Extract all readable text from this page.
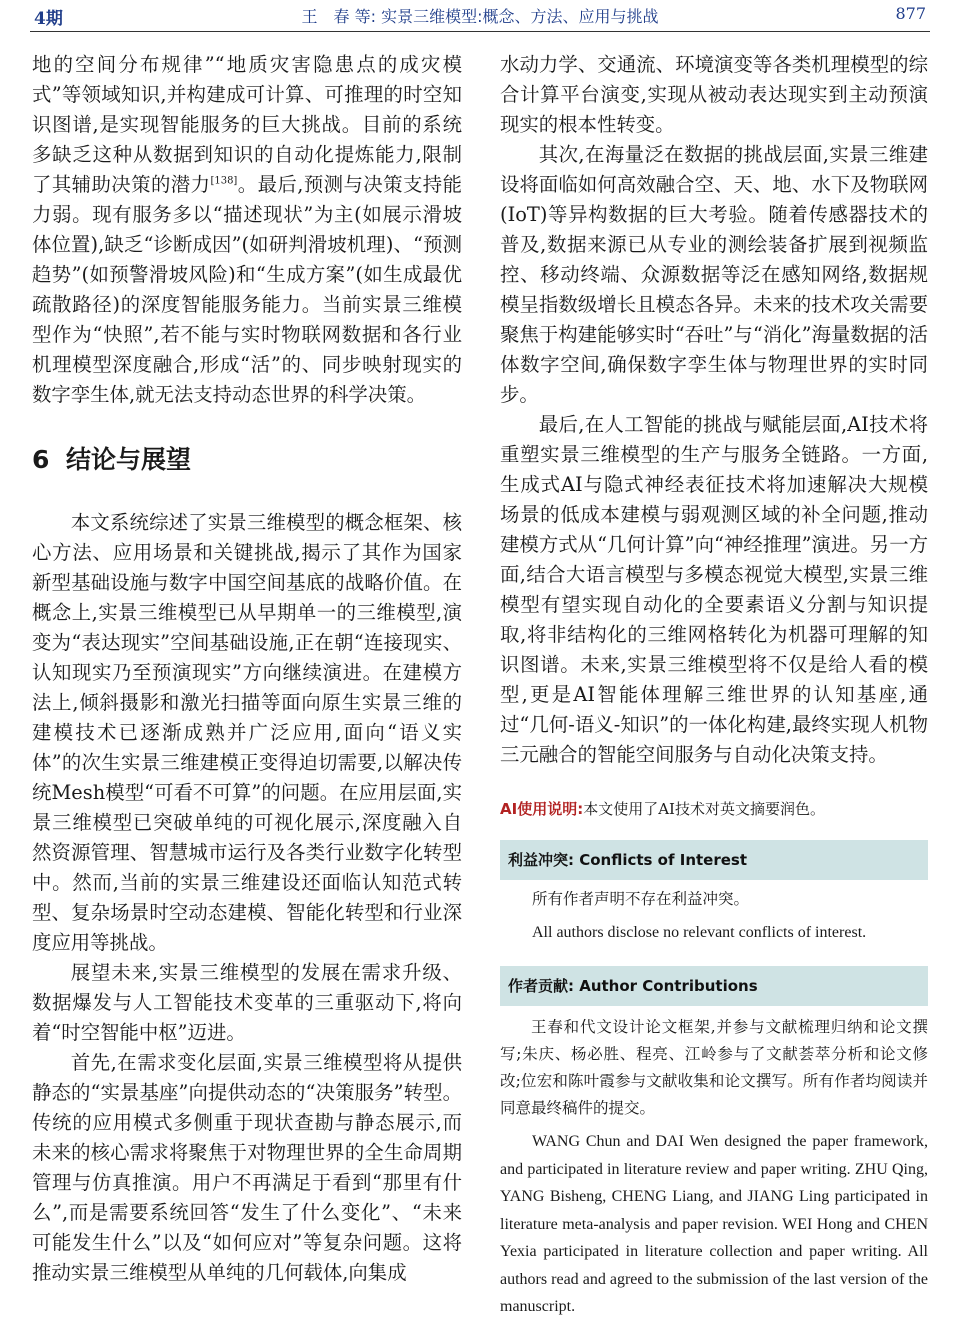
4期	王　春 等: 实景三维模型:概念、方法、应用与挑战	877

地的空间分布规律”“地质灾害隐患点的成灾模式”等领域知识,并构建成可计算、可推理的时空知识图谱,是实现智能服务的巨大挑战。目前的系统多缺乏这种从数据到知识的自动化提炼能力,限制了其辅助决策的潜力[138]。最后,预测与决策支持能力弱。现有服务多以“描述现状”为主(如展示滑坡体位置),缺乏“诊断成因”(如研判滑坡机理)、“预测趋势”(如预警滑坡风险)和“生成方案”(如生成最优疏散路径)的深度智能服务能力。当前实景三维模型作为“快照”,若不能与实时物联网数据和各行业机理模型深度融合,形成“活”的、同步映射现实的数字孪生体,就无法支持动态世界的科学决策。

6 结论与展望

本文系统综述了实景三维模型的概念框架、核心方法、应用场景和关键挑战,揭示了其作为国家新型基础设施与数字中国空间基底的战略价值。在概念上,实景三维模型已从早期单一的三维模型,演变为“表达现实”空间基础设施,正在朝“连接现实、认知现实乃至预演现实”方向继续演进。在建模方法上,倾斜摄影和激光扫描等面向原生实景三维的建模技术已逐渐成熟并广泛应用,面向“语义实体”的次生实景三维建模正变得迫切需要,以解决传统Mesh模型“可看不可算”的问题。在应用层面,实景三维模型已突破单纯的可视化展示,深度融入自然资源管理、智慧城市运行及各类行业数字化转型中。然而,当前的实景三维建设还面临认知范式转型、复杂场景时空动态建模、智能化转型和行业深度应用等挑战。

展望未来,实景三维模型的发展在需求升级、数据爆发与人工智能技术变革的三重驱动下,将向着“时空智能中枢”迈进。

首先,在需求变化层面,实景三维模型将从提供静态的“实景基座”向提供动态的“决策服务”转型。传统的应用模式多侧重于现状查勘与静态展示,而未来的核心需求将聚焦于对物理世界的全生命周期管理与仿真推演。用户不再满足于看到“那里有什么”,而是需要系统回答“发生了什么变化”、“未来可能发生什么”以及“如何应对”等复杂问题。这将推动实景三维模型从单纯的几何载体,向集成

水动力学、交通流、环境演变等各类机理模型的综合计算平台演变,实现从被动表达现实到主动预演现实的根本性转变。

其次,在海量泛在数据的挑战层面,实景三维建设将面临如何高效融合空、天、地、水下及物联网(IoT)等异构数据的巨大考验。随着传感器技术的普及,数据来源已从专业的测绘装备扩展到视频监控、移动终端、众源数据等泛在感知网络,数据规模呈指数级增长且模态各异。未来的技术攻关需要聚焦于构建能够实时“吞吐”与“消化”海量数据的活体数字空间,确保数字孪生体与物理世界的实时同步。

最后,在人工智能的挑战与赋能层面,AI技术将重塑实景三维模型的生产与服务全链路。一方面,生成式AI与隐式神经表征技术将加速解决大规模场景的低成本建模与弱观测区域的补全问题,推动建模方式从“几何计算”向“神经推理”演进。另一方面,结合大语言模型与多模态视觉大模型,实景三维模型有望实现自动化的全要素语义分割与知识提取,将非结构化的三维网格转化为机器可理解的知识图谱。未来,实景三维模型将不仅是给人看的模型,更是AI智能体理解三维世界的认知基座,通过“几何-语义-知识”的一体化构建,最终实现人机物三元融合的智能空间服务与自动化决策支持。

AI使用说明:本文使用了AI技术对英文摘要润色。

利益冲突: Conflicts of Interest
所有作者声明不存在利益冲突。
All authors disclose no relevant conflicts of interest.
作者贡献: Author Contributions

王春和代文设计论文框架,并参与文献梳理归纳和论文撰写;朱庆、杨必胜、程亮、江岭参与了文献荟萃分析和论文修改;位宏和陈叶霞参与文献收集和论文撰写。所有作者均阅读并同意最终稿件的提交。

WANG Chun and DAI Wen designed the paper framework, and participated in literature review and paper writing. ZHU Qing, YANG Bisheng, CHENG Liang, and JIANG Ling participated in literature meta-analysis and paper revision. WEI Hong and CHEN Yexia participated in literature collection and paper writing. All authors read and agreed to the submission of the last version of the manuscript.
